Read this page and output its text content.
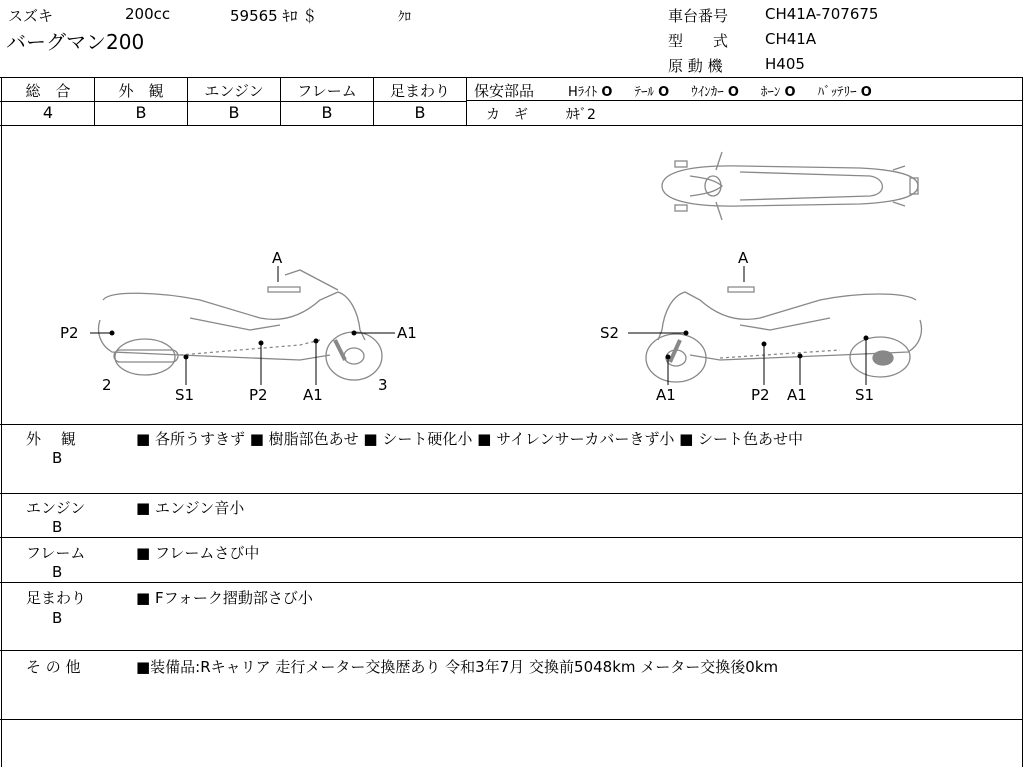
スズキ	200cc	59565 ｷﾛ ＄	ｸﾛ
バーグマン200
車台番号 CH41A-707675
型　　式 CH41A
原 動 機	H405
総　合
4
外　観
B
エンジン
B
フレーム
B
足まわり
B
保安部品	Hﾗｲﾄ O ﾃｰﾙ O ｳｲﾝｶｰ O ﾎｰﾝ O ﾊﾞｯﾃﾘｰ O
カ　ギ	ｶｷﾞ2
A
P2	A1
2	3
S1	P2 A1
A
S2
A1	P2 A1	S1
外　 観
B
■ 各所うすきず ■ 樹脂部色あせ ■ シート硬化小 ■ サイレンサーカバーきず小 ■ シート色あせ中
エンジン
B
■ エンジン音小
フレーム
B
■ フレームさび中
足まわり
B
■ Fフォーク摺動部さび小
そ の 他	■装備品:Rキャリア 走行メーター交換歴あり 令和3年7月 交換前5048km メーター交換後0km
